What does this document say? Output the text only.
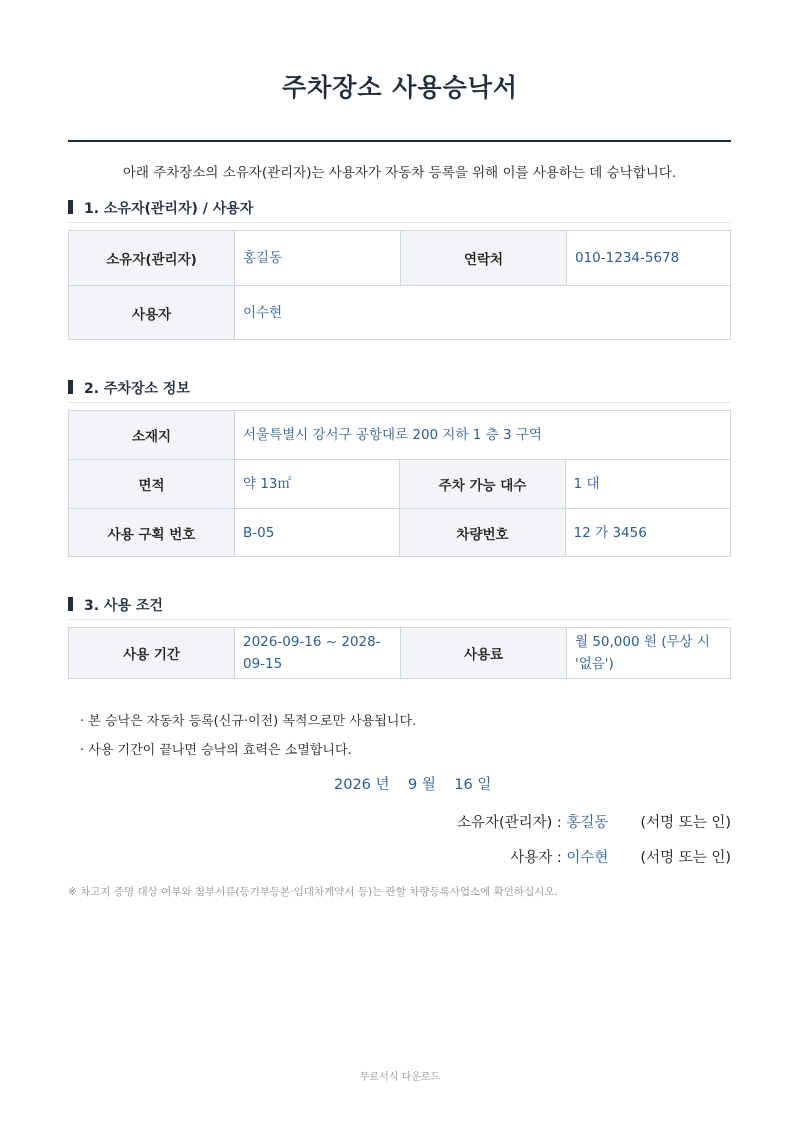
주차장소 사용승낙서
아래 주차장소의 소유자(관리자)는 사용자가 자동차 등록을 위해 이를 사용하는 데 승낙합니다.
1. 소유자(관리자) / 사용자
소유자(관리자)	홍길동	연락처	010-1234-5678
사용자	이수현		
2. 주차장소 정보
소재지	서울특별시 강서구 공항대로 200 지하 1 층 3 구역		
면적	약 13㎡	주차 가능 대수	1 대
사용 구획 번호	B-05	차량번호	12 가 3456
3. 사용 조건
사용 기간	2026-09-16 ~ 2028-09-15	사용료	월 50,000 원 (무상 시 '없음')
· 본 승낙은 자동차 등록(신규·이전) 목적으로만 사용됩니다.
· 사용 기간이 끝나면 승낙의 효력은 소멸합니다.
2026 년 9 월 16 일
소유자(관리자) : 홍길동 (서명 또는 인)
사용자 : 이수현 (서명 또는 인)
※ 차고지 증명 대상 여부와 첨부서류(등기부등본·임대차계약서 등)는 관할 차량등록사업소에 확인하십시오.
무료서식 다운로드
